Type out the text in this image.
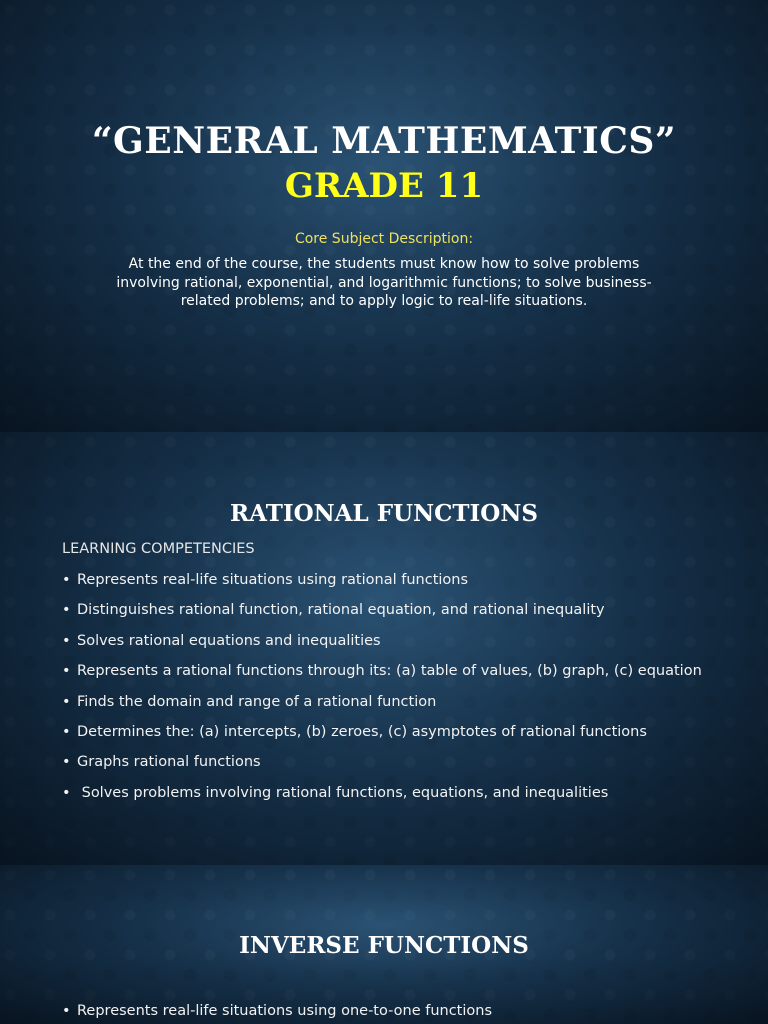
“GENERAL MATHEMATICS”
GRADE 11
Core Subject Description:
At the end of the course, the students must know how to solve problems involving rational, exponential, and logarithmic functions; to solve business-related problems; and to apply logic to real-life situations.
RATIONAL FUNCTIONS
LEARNING COMPETENCIES
• Represents real-life situations using rational functions
• Distinguishes rational function, rational equation, and rational inequality
• Solves rational equations and inequalities
• Represents a rational functions through its: (a) table of values, (b) graph, (c) equation
• Finds the domain and range of a rational function
• Determines the: (a) intercepts, (b) zeroes, (c) asymptotes of rational functions
• Graphs rational functions
• Solves problems involving rational functions, equations, and inequalities
INVERSE FUNCTIONS
• Represents real-life situations using one-to-one functions
